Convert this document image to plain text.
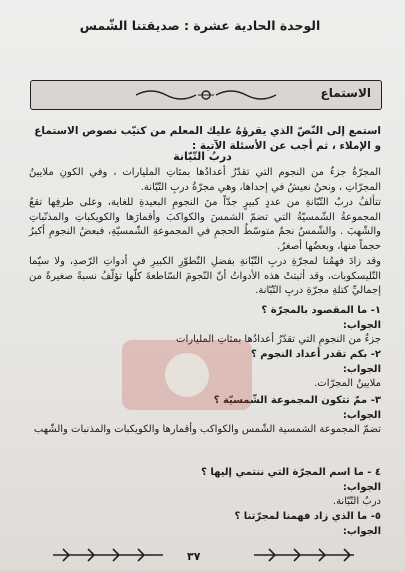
الوحدة الحادية عشرة : صديقتنا الشّمس
الاستماع
استمع إلى النّصّ الذي يقرؤهُ عليك المعلم من كتيّب نصوص الاستماع و الإملاء ، ثم أجب عن الأسئلة الآتية :
دربُ التّبّانة
المجرّةُ جزءٌ من النجوم التي تقدّرُ أعدادُها بمئاتِ المليارات ، وفي الكونِ ملايينُ المجرّاتِ ، ونحنُ نعيشُ في إحداها، وهي مجرّةُ دربِ التّبّانة.
تتألفُ دربُ التّبّانةِ من عددٍ كبيرٍ جدّاً منَ النجومِ البعيدةِ للغاية، وعلى طرفِها تقعُ المجموعةُ الشّمسيّةُ التي تضمّ الشمسَ والكواكبَ وأقمارَها والكويكباتِ والمذنّباتِ والشّهبَ . والشّمسُ نجمٌ متوسّطُ الحجمِ في المجموعةِ الشّمسيّةِ، فبعضُ النجومِ أكبرُ حجماً منها، وبعضُها أصغرُ.
وقد زادَ فهمُنا لمجرّةِ دربِ التّبّانةِ بفضلِ التّطوّرِ الكبيرِ في أدواتِ الرّصدِ، ولا سيّما التّليسكوبات، وقد أثبتتْ هذه الأدواتُ أنّ النّجومَ السّاطعةَ كلّها تؤلّفُ نسبةً صغيرةً من إجماليِّ كتلةِ مجرّةِ دربِ التّبّانة.
١- ما المقصود بالمجرّة ؟
الجواب:
جزءٌ من النجومِ التي تقدّرُ أعدادُها بمئاتِ المليارات
٢- بكم تقدر أعداد النجوم ؟
الجواب:
ملايينُ المجرّات.
٣- ممّ تتكون المجموعة الشّمسيّة ؟
الجواب:
تضمّ المجموعة الشمسية الشّمس والكواكب وأقمارها والكويكبات والمذنبات والشّهب
٤ - ما اسم المجرّة التي ننتمي إليها ؟
الجواب:
دربُ التّبّانة.
٥- ما الذي زاد فهمنا لمجرّتنا ؟
الجواب:
٣٧
